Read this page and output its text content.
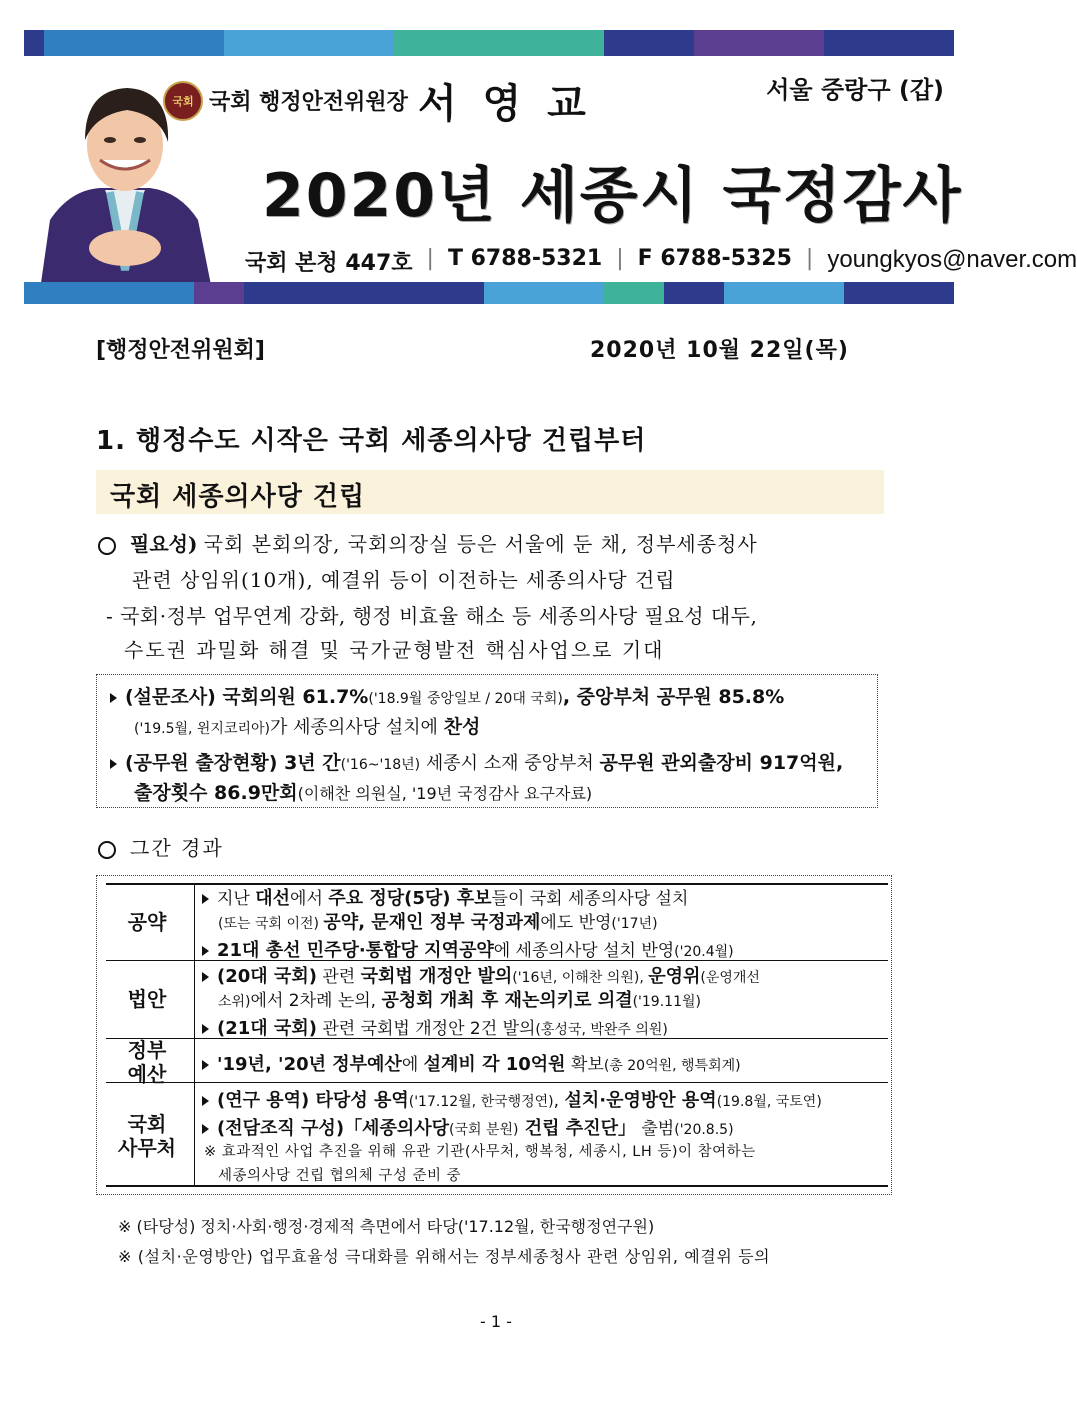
국회 국회 행정안전위원장 서 영 교	서울 중랑구 (갑)
2020년 세종시 국정감사
국회 본청 447호 | T 6788-5321 | F 6788-5325 | youngkyos@naver.com
[행정안전위원회]	2020년 10월 22일(목)
1. 행정수도 시작은 국회 세종의사당 건립부터
국회 세종의사당 건립
필요성) 국회 본회의장, 국회의장실 등은 서울에 둔 채, 정부세종청사
관련 상임위(10개), 예결위 등이 이전하는 세종의사당 건립
- 국회·정부 업무연계 강화, 행정 비효율 해소 등 세종의사당 필요성 대두,
수도권 과밀화 해결 및 국가균형발전 핵심사업으로 기대
(설문조사) 국회의원 61.7%('18.9월 중앙일보 / 20대 국회), 중앙부처 공무원 85.8%
('19.5월, 윈지코리아)가 세종의사당 설치에 찬성
(공무원 출장현황) 3년 간('16~'18년) 세종시 소재 중앙부처 공무원 관외출장비 917억원,
출장횟수 86.9만회(이해찬 의원실, '19년 국정감사 요구자료)
그간 경과
공약
법안
정부
예산
국회
사무처
지난 대선에서 주요 정당(5당) 후보들이 국회 세종의사당 설치
(또는 국회 이전) 공약, 문재인 정부 국정과제에도 반영('17년)
21대 총선 민주당·통합당 지역공약에 세종의사당 설치 반영('20.4월)
(20대 국회) 관련 국회법 개정안 발의('16년, 이해찬 의원), 운영위(운영개선
소위)에서 2차례 논의, 공청회 개최 후 재논의키로 의결('19.11월)
(21대 국회) 관련 국회법 개정안 2건 발의(홍성국, 박완주 의원)
'19년, '20년 정부예산에 설계비 각 10억원 확보(총 20억원, 행특회계)
(연구 용역) 타당성 용역('17.12월, 한국행정연), 설치·운영방안 용역(19.8월, 국토연)
(전담조직 구성)「세종의사당(국회 분원) 건립 추진단」 출범('20.8.5)
※ 효과적인 사업 추진을 위해 유관 기관(사무처, 행복청, 세종시, LH 등)이 참여하는
세종의사당 건립 협의체 구성 준비 중
※ (타당성) 정치·사회·행정·경제적 측면에서 타당('17.12월, 한국행정연구원)
※ (설치·운영방안) 업무효율성 극대화를 위해서는 정부세종청사 관련 상임위, 예결위 등의
- 1 -
